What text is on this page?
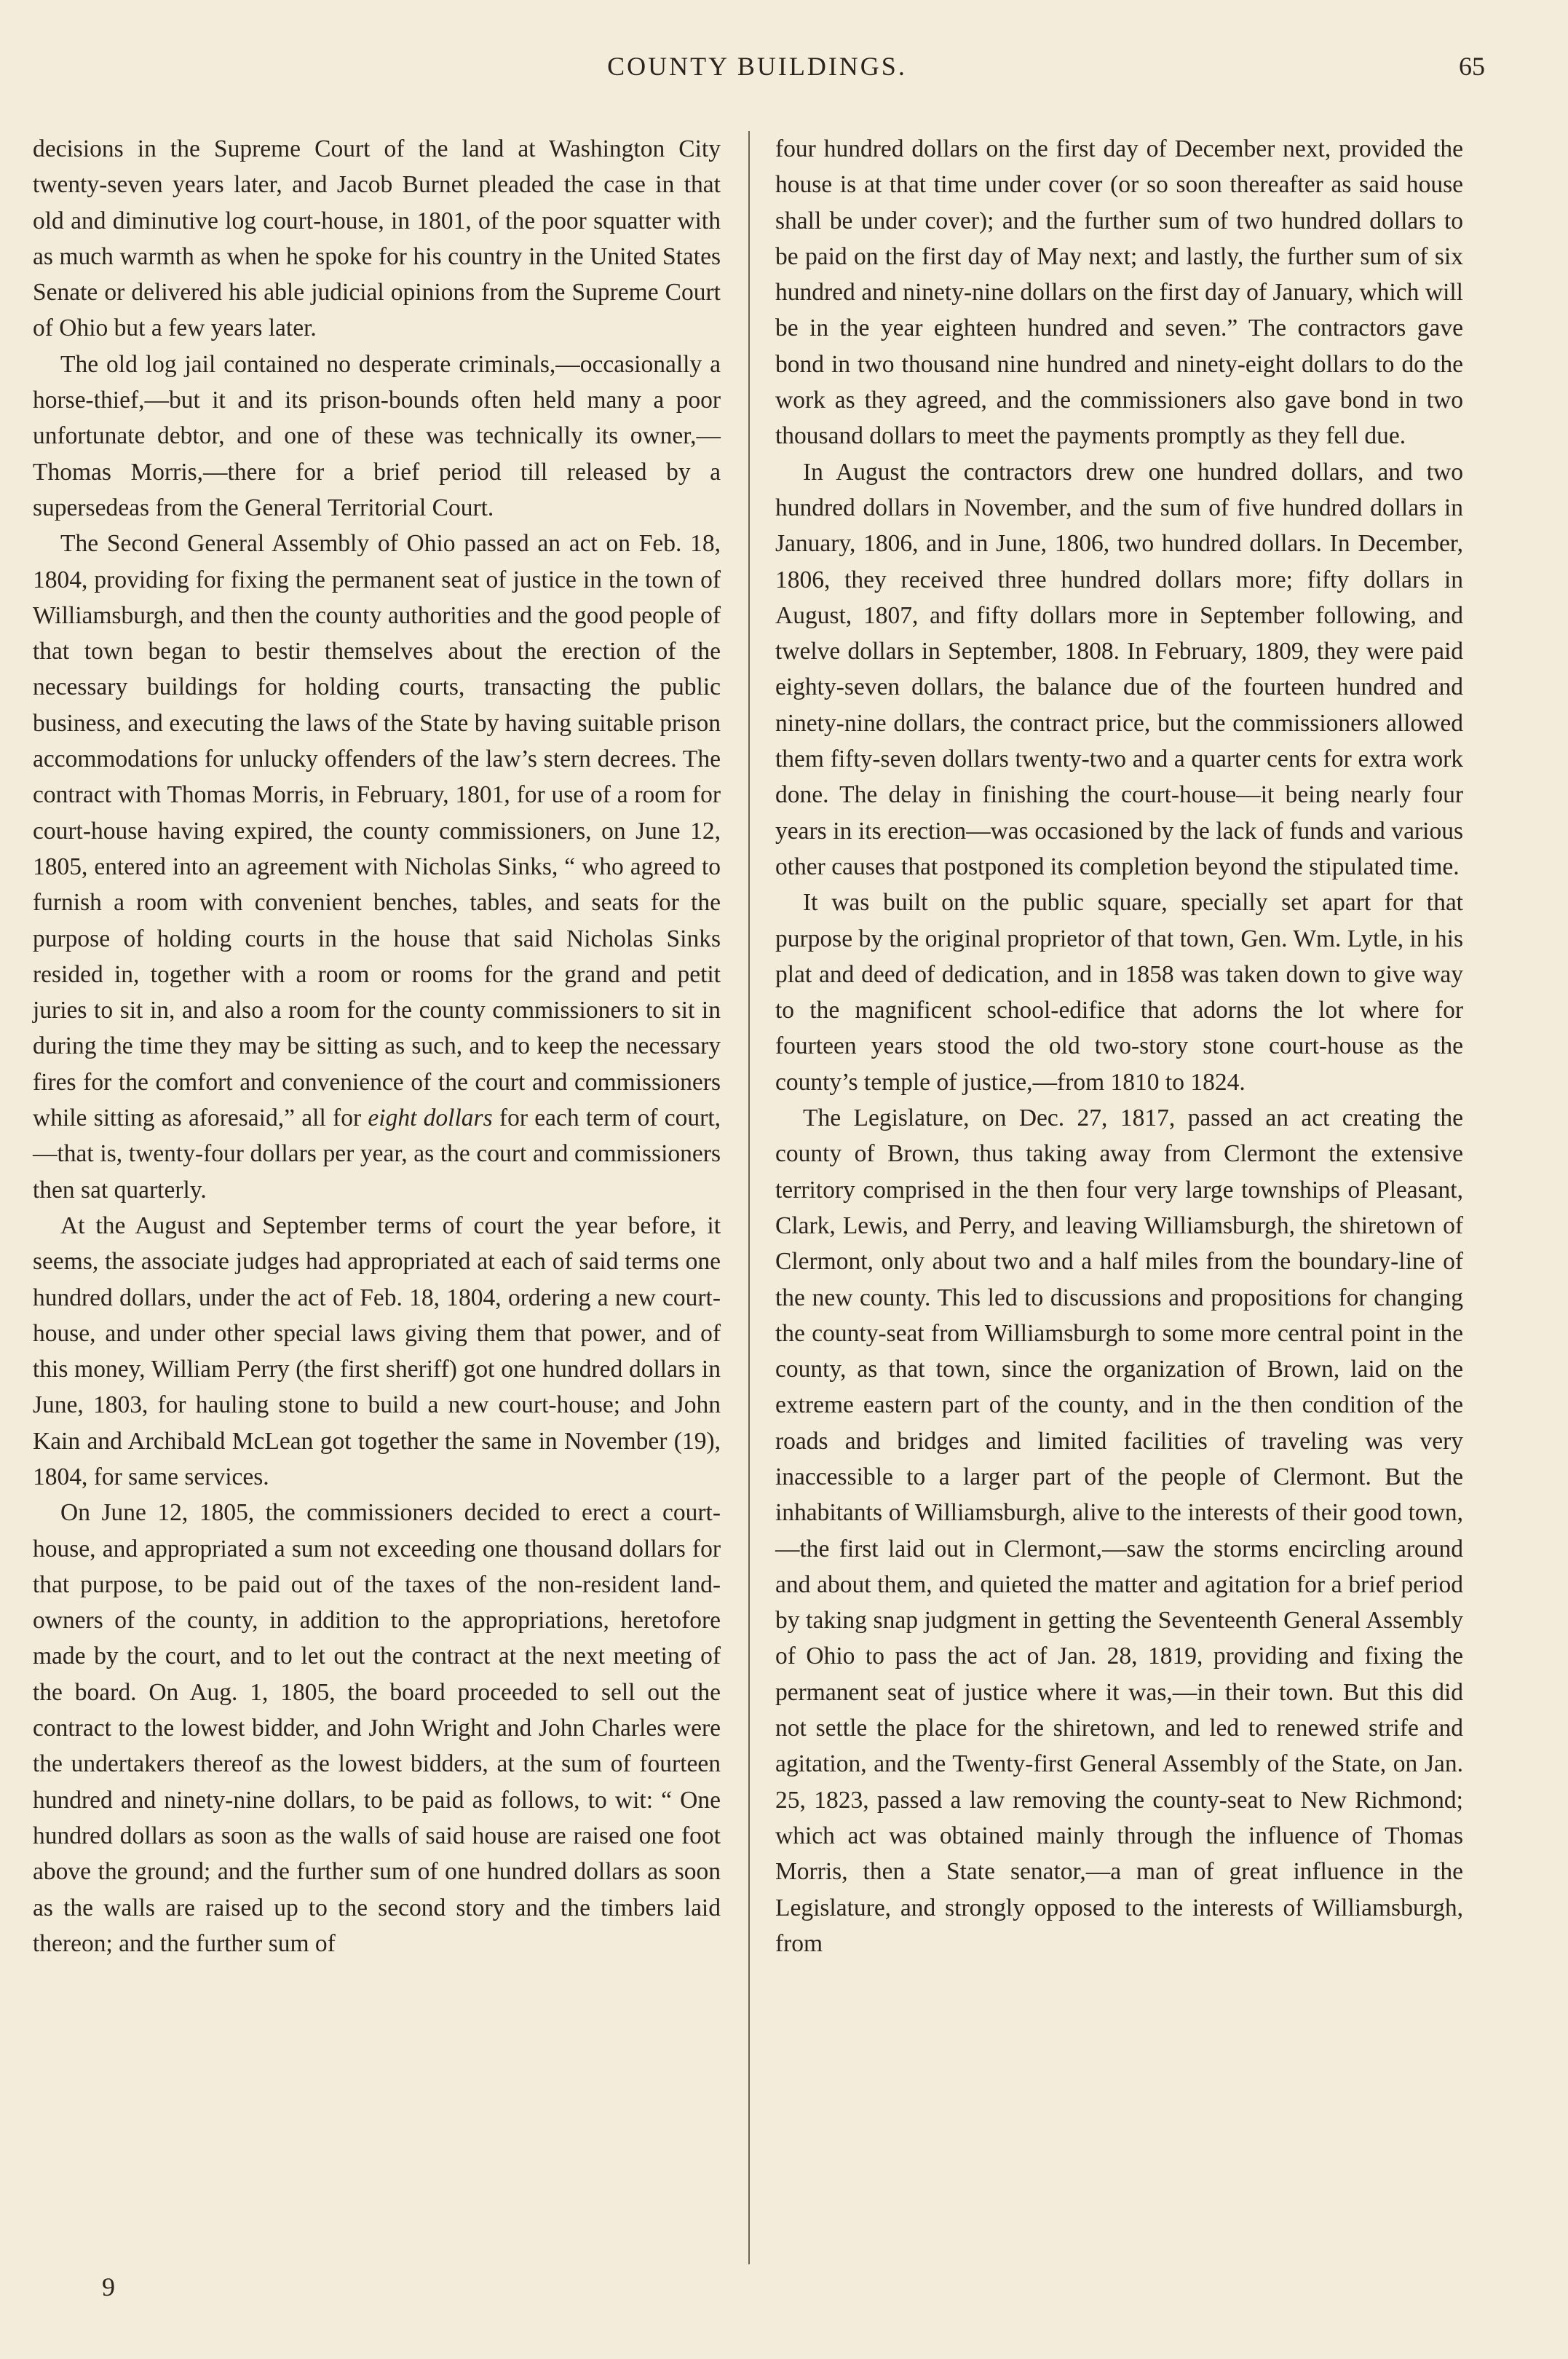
COUNTY BUILDINGS.	65

decisions in the Supreme Court of the land at Washington City twenty-seven years later, and Jacob Burnet pleaded the case in that old and diminutive log court-house, in 1801, of the poor squatter with as much warmth as when he spoke for his country in the United States Senate or delivered his able judicial opinions from the Supreme Court of Ohio but a few years later.

The old log jail contained no desperate criminals,—occasionally a horse-thief,—but it and its prison-bounds often held many a poor unfortunate debtor, and one of these was technically its owner,—Thomas Morris,—there for a brief period till released by a supersedeas from the General Territorial Court.

The Second General Assembly of Ohio passed an act on Feb. 18, 1804, providing for fixing the permanent seat of justice in the town of Williamsburgh, and then the county authorities and the good people of that town began to bestir themselves about the erection of the necessary buildings for holding courts, transacting the public business, and executing the laws of the State by having suitable prison accommodations for unlucky offenders of the law’s stern decrees. The contract with Thomas Morris, in February, 1801, for use of a room for court-house having expired, the county commissioners, on June 12, 1805, entered into an agreement with Nicholas Sinks, “ who agreed to furnish a room with convenient benches, tables, and seats for the purpose of holding courts in the house that said Nicholas Sinks resided in, together with a room or rooms for the grand and petit juries to sit in, and also a room for the county commissioners to sit in during the time they may be sitting as such, and to keep the necessary fires for the comfort and convenience of the court and commissioners while sitting as aforesaid,” all for eight dollars for each term of court,—that is, twenty-four dollars per year, as the court and commissioners then sat quarterly.

At the August and September terms of court the year before, it seems, the associate judges had appropriated at each of said terms one hundred dollars, under the act of Feb. 18, 1804, ordering a new court-house, and under other special laws giving them that power, and of this money, William Perry (the first sheriff) got one hundred dollars in June, 1803, for hauling stone to build a new court-house; and John Kain and Archibald McLean got together the same in November (19), 1804, for same services.

On June 12, 1805, the commissioners decided to erect a court-house, and appropriated a sum not exceeding one thousand dollars for that purpose, to be paid out of the taxes of the non-resident land-owners of the county, in addition to the appropriations, heretofore made by the court, and to let out the contract at the next meeting of the board. On Aug. 1, 1805, the board proceeded to sell out the contract to the lowest bidder, and John Wright and John Charles were the undertakers thereof as the lowest bidders, at the sum of fourteen hundred and ninety-nine dollars, to be paid as follows, to wit: “ One hundred dollars as soon as the walls of said house are raised one foot above the ground; and the further sum of one hundred dollars as soon as the walls are raised up to the second story and the timbers laid thereon; and the further sum of

four hundred dollars on the first day of December next, provided the house is at that time under cover (or so soon thereafter as said house shall be under cover); and the further sum of two hundred dollars to be paid on the first day of May next; and lastly, the further sum of six hundred and ninety-nine dollars on the first day of January, which will be in the year eighteen hundred and seven.” The contractors gave bond in two thousand nine hundred and ninety-eight dollars to do the work as they agreed, and the commissioners also gave bond in two thousand dollars to meet the payments promptly as they fell due.

In August the contractors drew one hundred dollars, and two hundred dollars in November, and the sum of five hundred dollars in January, 1806, and in June, 1806, two hundred dollars. In December, 1806, they received three hundred dollars more; fifty dollars in August, 1807, and fifty dollars more in September following, and twelve dollars in September, 1808. In February, 1809, they were paid eighty-seven dollars, the balance due of the fourteen hundred and ninety-nine dollars, the contract price, but the commissioners allowed them fifty-seven dollars twenty-two and a quarter cents for extra work done. The delay in finishing the court-house—it being nearly four years in its erection—was occasioned by the lack of funds and various other causes that postponed its completion beyond the stipulated time.

It was built on the public square, specially set apart for that purpose by the original proprietor of that town, Gen. Wm. Lytle, in his plat and deed of dedication, and in 1858 was taken down to give way to the magnificent school-edifice that adorns the lot where for fourteen years stood the old two-story stone court-house as the county’s temple of justice,—from 1810 to 1824.

The Legislature, on Dec. 27, 1817, passed an act creating the county of Brown, thus taking away from Clermont the extensive territory comprised in the then four very large townships of Pleasant, Clark, Lewis, and Perry, and leaving Williamsburgh, the shiretown of Clermont, only about two and a half miles from the boundary-line of the new county. This led to discussions and propositions for changing the county-seat from Williamsburgh to some more central point in the county, as that town, since the organization of Brown, laid on the extreme eastern part of the county, and in the then condition of the roads and bridges and limited facilities of traveling was very inaccessible to a larger part of the people of Clermont. But the inhabitants of Williamsburgh, alive to the interests of their good town, —the first laid out in Clermont,—saw the storms encircling around and about them, and quieted the matter and agitation for a brief period by taking snap judgment in getting the Seventeenth General Assembly of Ohio to pass the act of Jan. 28, 1819, providing and fixing the permanent seat of justice where it was,—in their town. But this did not settle the place for the shiretown, and led to renewed strife and agitation, and the Twenty-first General Assembly of the State, on Jan. 25, 1823, passed a law removing the county-seat to New Richmond; which act was obtained mainly through the influence of Thomas Morris, then a State senator,—a man of great influence in the Legislature, and strongly opposed to the interests of Williamsburgh, from

9
